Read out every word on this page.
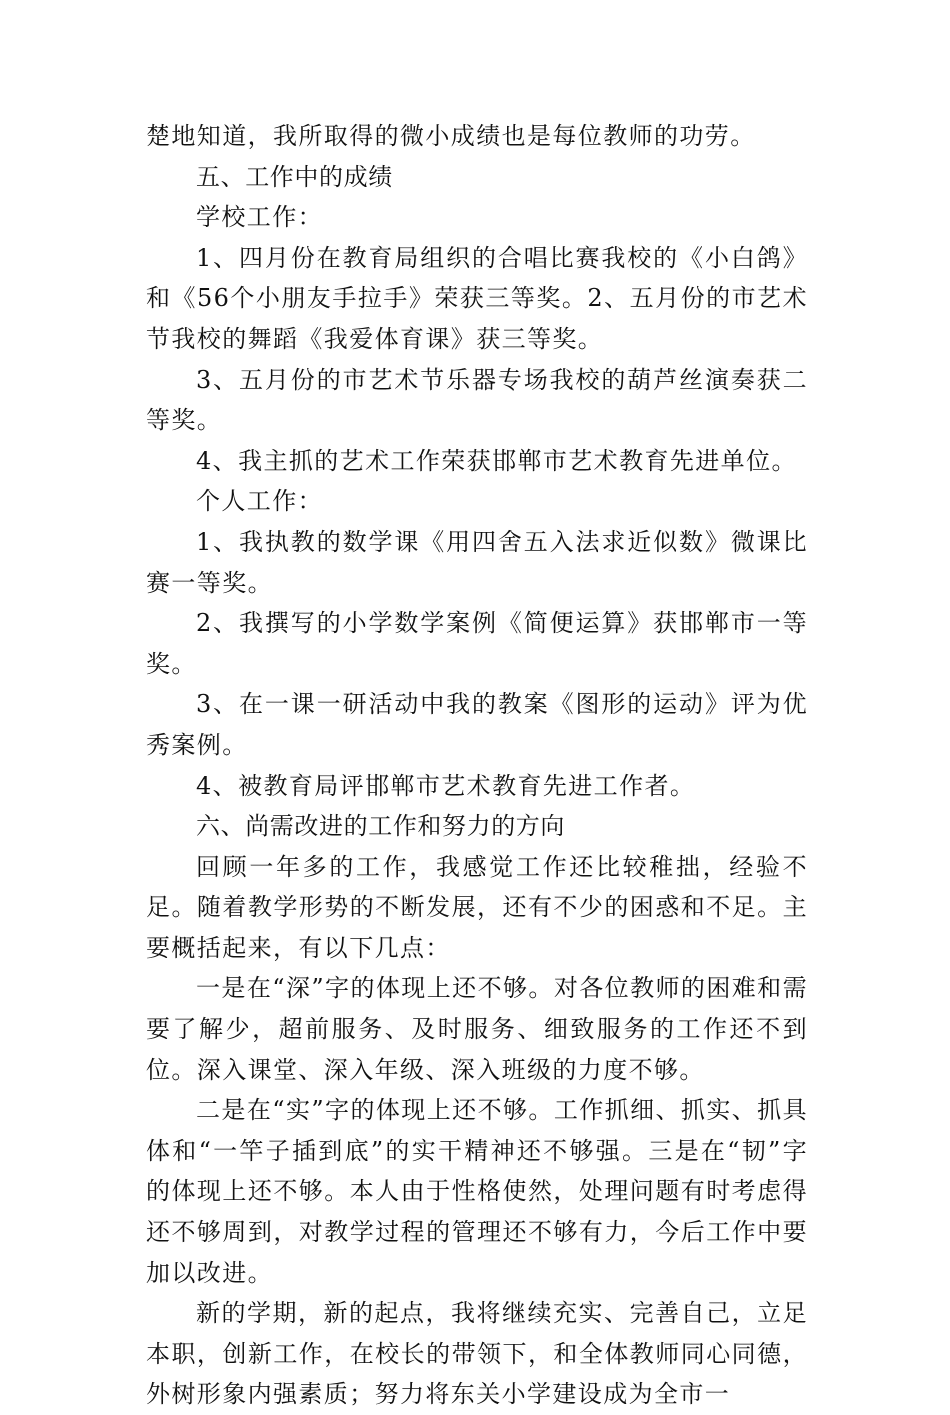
楚地知道，我所取得的微小成绩也是每位教师的功劳。

五、工作中的成绩

学校工作：

1、四月份在教育局组织的合唱比赛我校的《小白鸽》和《56个小朋友手拉手》荣获三等奖。2、五月份的市艺术节我校的舞蹈《我爱体育课》获三等奖。

3、五月份的市艺术节乐器专场我校的葫芦丝演奏获二等奖。

4、我主抓的艺术工作荣获邯郸市艺术教育先进单位。

个人工作：

1、我执教的数学课《用四舍五入法求近似数》微课比赛一等奖。

2、我撰写的小学数学案例《简便运算》获邯郸市一等奖。

3、在一课一研活动中我的教案《图形的运动》评为优秀案例。

4、被教育局评邯郸市艺术教育先进工作者。

六、尚需改进的工作和努力的方向

回顾一年多的工作，我感觉工作还比较稚拙，经验不足。随着教学形势的不断发展，还有不少的困惑和不足。主要概括起来，有以下几点：

一是在“深”字的体现上还不够。对各位教师的困难和需要了解少，超前服务、及时服务、细致服务的工作还不到位。深入课堂、深入年级、深入班级的力度不够。

二是在“实”字的体现上还不够。工作抓细、抓实、抓具体和“一竿子插到底”的实干精神还不够强。三是在“韧”字的体现上还不够。本人由于性格使然，处理问题有时考虑得还不够周到，对教学过程的管理还不够有力，今后工作中要加以改进。

新的学期，新的起点，我将继续充实、完善自己，立足本职，创新工作，在校长的带领下，和全体教师同心同德，外树形象内强素质；努力将东关小学建设成为全市一
